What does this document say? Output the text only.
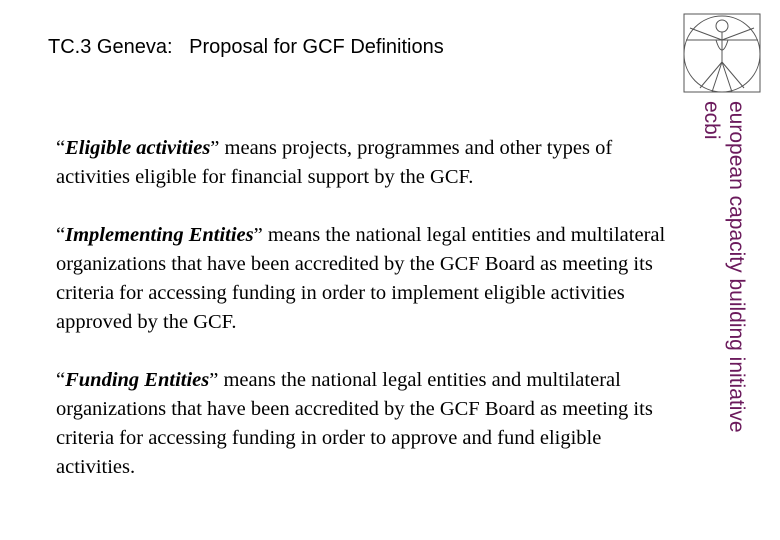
TC.3 Geneva:   Proposal for GCF Definitions

“Eligible activities” means projects, programmes and other types of activities eligible for financial support by the GCF.

“Implementing Entities” means the national legal entities and multilateral organizations that have been accredited by the GCF Board as meeting its criteria for accessing funding in order to implement eligible activities approved by the GCF.

“Funding Entities” means the national legal entities and multilateral organizations that have been accredited by the GCF Board as meeting its criteria for accessing funding in order to approve and fund eligible activities.

european capacity building initiative
ecbi
